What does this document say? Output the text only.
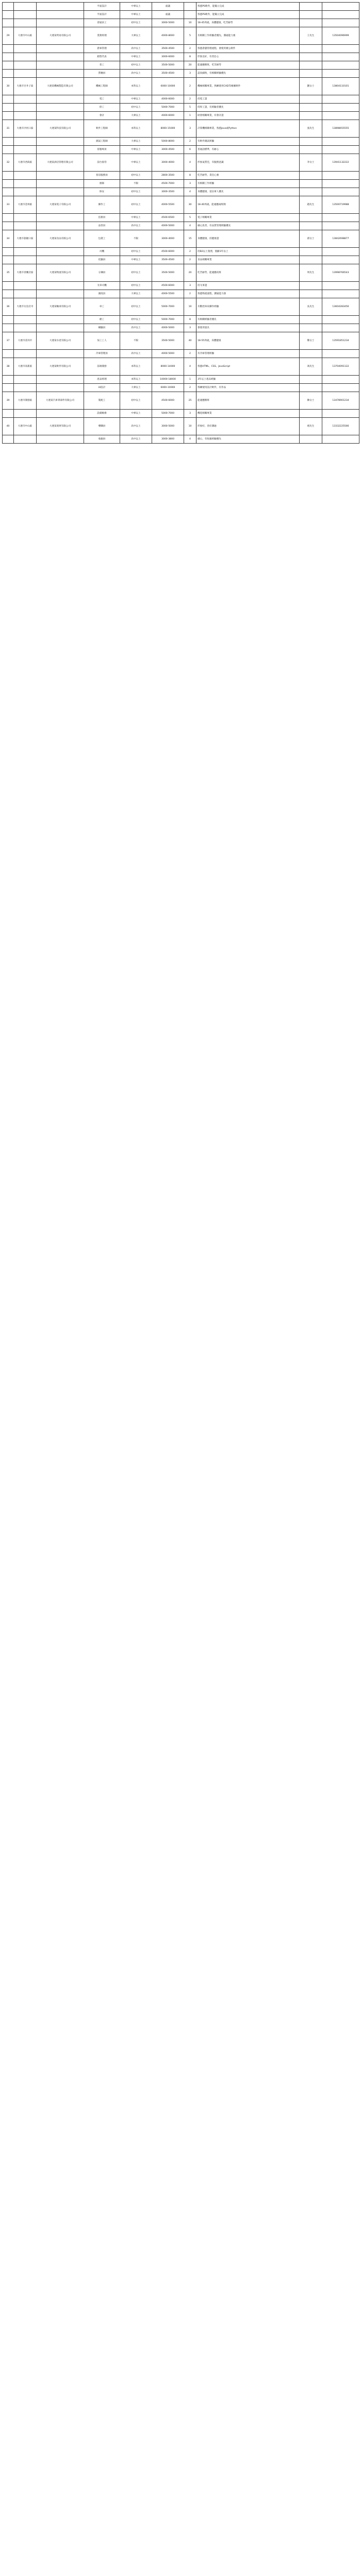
			平面設計	中專以上	面議		熟悉PS軟件，能獨立完成		
			平面設計	中專以上	面議		熟悉PS軟件，能獨立完成		
			普通員工	初中以上	3000-5000	10	18-45周歲，身體健康，吃苦耐勞		
29	大連市中山區	大連某貿易有限公司	業務經理	大專以上	4000-8000	5	有相關工作經驗者優先，溝通能力強	王先生	13504096999
			倉庫管理	高中以上	3500-4500	2	熟悉倉儲管理流程，會使用辦公軟件		
			銷售代表	中專以上	3000-6000	8	形象良好，有責任心		
			普工	初中以上	3500-5000	20	能適應倒班，吃苦耐勞		
			質檢員	高中以上	3500-4500	3	認真細致，有相關經驗優先		
30	大連市甘井子區	大連某機械製造有限公司	機械工程師	本科以上	6000-10000	2	機械相關專業，熟練使用CAD等繪圖軟件	劉女士	13804110101
			電工	中專以上	4000-6000	2	持電工證		
			焊工	初中以上	5000-7000	5	持焊工證，有經驗者優先		
			會計	大專以上	4000-6000	1	財會相關專業，有會計證		
31	大連市沙河口區	大連某科技有限公司	軟件工程師	本科以上	8000-15000	3	計算機相關專業，熟悉Java或Python	張先生	13898655555
			測試工程師	大專以上	5000-8000	2	有軟件測試經驗		
			客服專員	中專以上	3000-4500	6	普通話標準，有耐心		
32	大連市西崗區	大連某酒店管理有限公司	前台接待	中專以上	3000-4000	4	形象氣質佳，有服務意識	李女士	13941132222
			客房服務員	初中以上	2800-3500	8	吃苦耐勞，責任心強		
			廚師	不限	4500-7000	3	有相關工作經驗		
			保安	初中以上	3000-3500	4	身體健康，退伍軍人優先		
33	大連市金州區	大連某電子有限公司	操作工	初中以上	4000-5500	30	18-40周歲，能適應兩班倒	趙先生	13500719988
			技術員	中專以上	4500-6500	5	電子相關專業		
			品管員	高中以上	4000-5000	4	細心負責，有品質管理經驗優先		
34	大連市旅順口區	大連某食品有限公司	包裝工	不限	3000-4000	15	身體健康，持健康證	孫女士	13842698877
			司機	初中以上	4500-6000	2	持B2以上駕照，駕齡3年以上		
			化驗員	中專以上	3500-4500	2	食品相關專業		
35	大連市普蘭店區	大連某物流有限公司	分揀員	初中以上	3500-5000	20	吃苦耐勞，能適應夜班	周先生	13998766543
			叉車司機	初中以上	4500-6000	3	持叉車證		
			調度員	大專以上	4000-5500	2	熟悉物流流程，溝通能力強		
36	大連市瓦房店市	大連某軸承有限公司	車工	初中以上	5000-7000	10	有數控車床操作經驗	吳先生	13604283456
			磨工	初中以上	5000-7000	8	有相關經驗者優先		
			檢驗員	高中以上	4000-5000	3	會使用量具		
37	大連市莊河市	大連某水產有限公司	加工工人	不限	3500-5000	40	18-55周歲，身體健康	鄭女士	13591851234
			冷庫管理員	高中以上	4000-5000	2	有冷庫管理經驗		
38	大連市高新區	大連某軟件有限公司	前端開發	本科以上	8000-14000	4	熟悉HTML、CSS、JavaScript	馮先生	13704091122
			產品經理	本科以上	10000-18000	1	3年以上產品經驗		
			UI設計	大專以上	6000-10000	2	熟練使用設計軟件，有作品		
39	大連市開發區	大連某汽車零部件有限公司	裝配工	初中以上	4500-6000	25	能適應倒班	陳女士	13478901234
			設備維修	中專以上	5000-7000	3	機電相關專業		
40	大連市中山區	大連某商貿有限公司	導購員	高中以上	3000-5000	10	形象好，善於溝通	褚先生	13332225566
			收銀員	高中以上	3000-3800	4	細心，有收銀經驗優先		
